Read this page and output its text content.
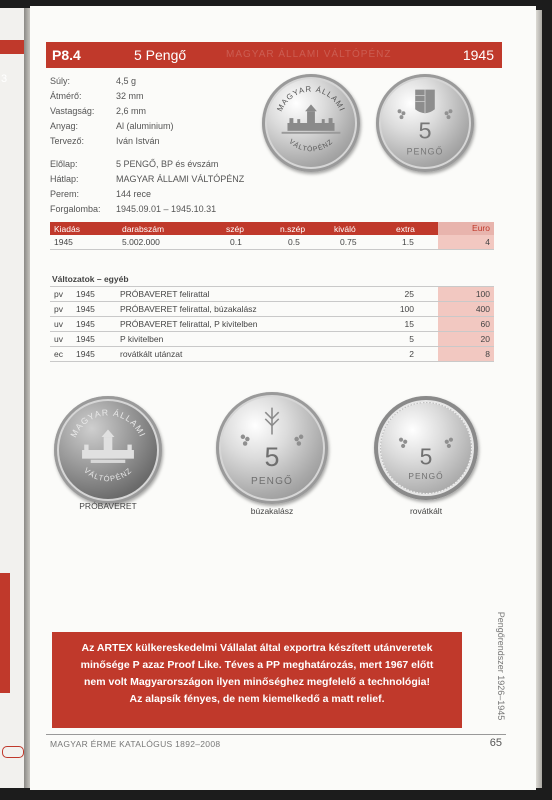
3
P8.4	5 Pengő	MAGYAR ÁLLAMI VÁLTÓPÉNZ	1945
Súly:	4,5 g
Átmérő:	32 mm
Vastagság: 2,6 mm
Anyag:	Al (aluminium)
Tervező:	Iván István
Előlap:	5 PENGŐ, BP és évszám
Hátlap:	MAGYAR ÁLLAMI VÁLTÓPÉNZ
Perem:	144 rece
Forgalomba: 1945.09.01 – 1945.10.31
MAGYAR ÁLLAMI
VÁLTÓPÉNZ	5
PENGŐ
Kiadás	darabszám	szép	n.szép	kiváló	extra	Euro
1945	5.002.000	0.1	0.5	0.75	1.5	4
Változatok – egyéb
pv 1945	PRÓBAVERET felirattal	25	100
pv 1945	PRÓBAVERET felirattal, búzakalász	100	400
uv 1945	PRÓBAVERET felirattal, P kivitelben	15	60
uv 1945	P kivitelben	5	20
ec 1945	rovátkált utánzat	2	8
MAGYAR ÁLLAMI
VÁLTÓPÉNZ	5
PENGŐ
5
PENGŐ
PRÓBAVERET	búzakalász	rovátkált
Pengőrendszer 1926–1945
Az ARTEX külkereskedelmi Vállalat által exportra készített utánveretek
minősége P azaz Proof Like. Téves a PP meghatározás, mert 1967 előtt
nem volt Magyarországon ilyen minőséghez megfelelő a technológia!
Az alapsík fényes, de nem kiemelkedő a matt relief.
MAGYAR ÉRME KATALÓGUS 1892–2008	65
